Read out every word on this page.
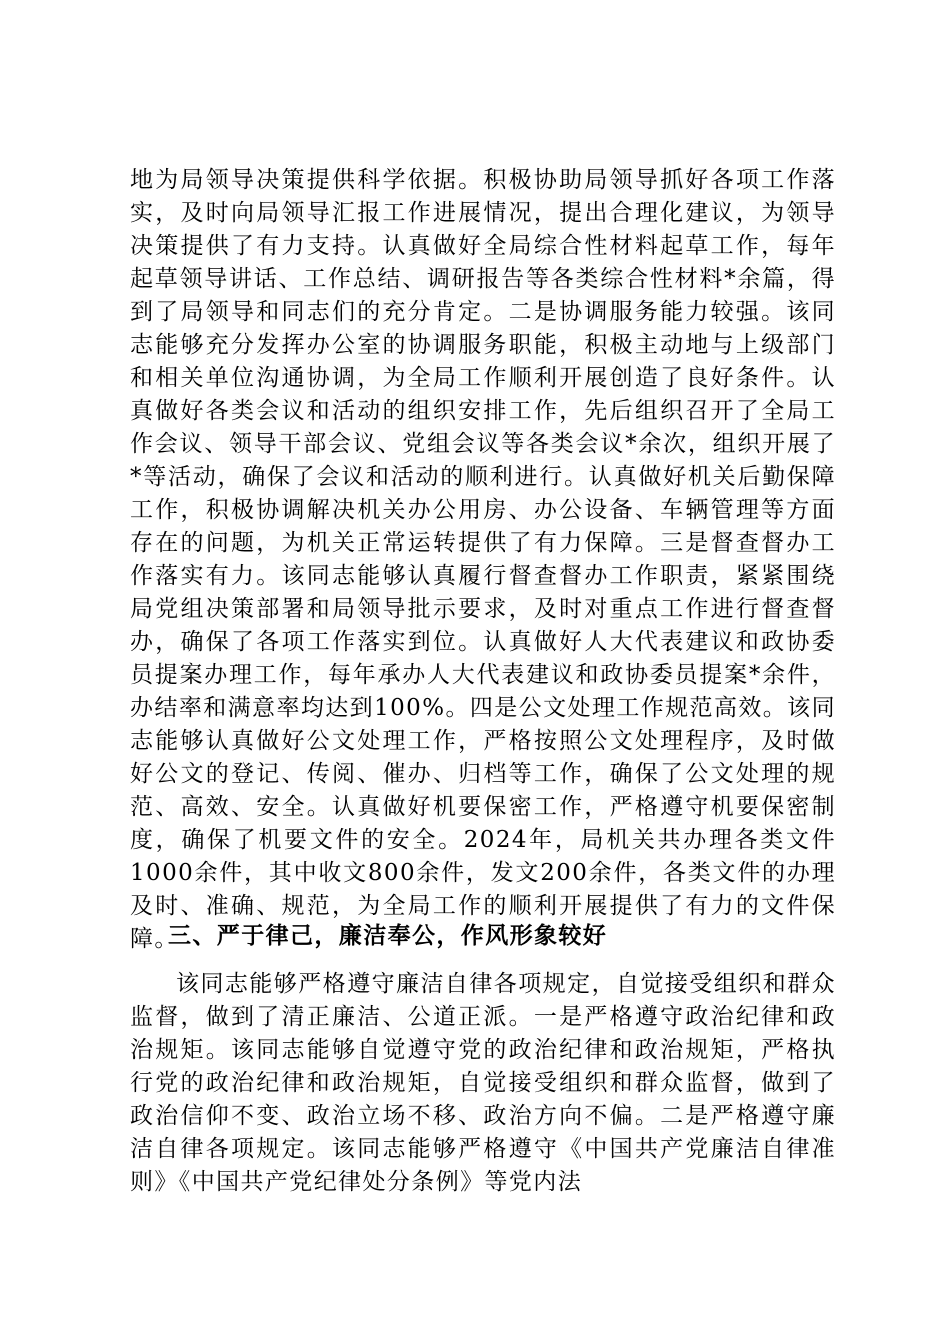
地为局领导决策提供科学依据。积极协助局领导抓好各项工作落实，及时向局领导汇报工作进展情况，提出合理化建议，为领导决策提供了有力支持。认真做好全局综合性材料起草工作，每年起草领导讲话、工作总结、调研报告等各类综合性材料*余篇，得到了局领导和同志们的充分肯定。二是协调服务能力较强。该同志能够充分发挥办公室的协调服务职能，积极主动地与上级部门和相关单位沟通协调，为全局工作顺利开展创造了良好条件。认真做好各类会议和活动的组织安排工作，先后组织召开了全局工作会议、领导干部会议、党组会议等各类会议*余次，组织开展了*等活动，确保了会议和活动的顺利进行。认真做好机关后勤保障工作，积极协调解决机关办公用房、办公设备、车辆管理等方面存在的问题，为机关正常运转提供了有力保障。三是督查督办工作落实有力。该同志能够认真履行督查督办工作职责，紧紧围绕局党组决策部署和局领导批示要求，及时对重点工作进行督查督办，确保了各项工作落实到位。认真做好人大代表建议和政协委员提案办理工作，每年承办人大代表建议和政协委员提案*余件，办结率和满意率均达到100%。四是公文处理工作规范高效。该同志能够认真做好公文处理工作，严格按照公文处理程序，及时做好公文的登记、传阅、催办、归档等工作，确保了公文处理的规范、高效、安全。认真做好机要保密工作，严格遵守机要保密制度，确保了机要文件的安全。2024年，局机关共办理各类文件1000余件，其中收文800余件，发文200余件，各类文件的办理及时、准确、规范，为全局工作的顺利开展提供了有力的文件保障。

三、严于律己，廉洁奉公，作风形象较好

该同志能够严格遵守廉洁自律各项规定，自觉接受组织和群众监督，做到了清正廉洁、公道正派。一是严格遵守政治纪律和政治规矩。该同志能够自觉遵守党的政治纪律和政治规矩，严格执行党的政治纪律和政治规矩，自觉接受组织和群众监督，做到了政治信仰不变、政治立场不移、政治方向不偏。二是严格遵守廉洁自律各项规定。该同志能够严格遵守《中国共产党廉洁自律准则》《中国共产党纪律处分条例》等党内法
